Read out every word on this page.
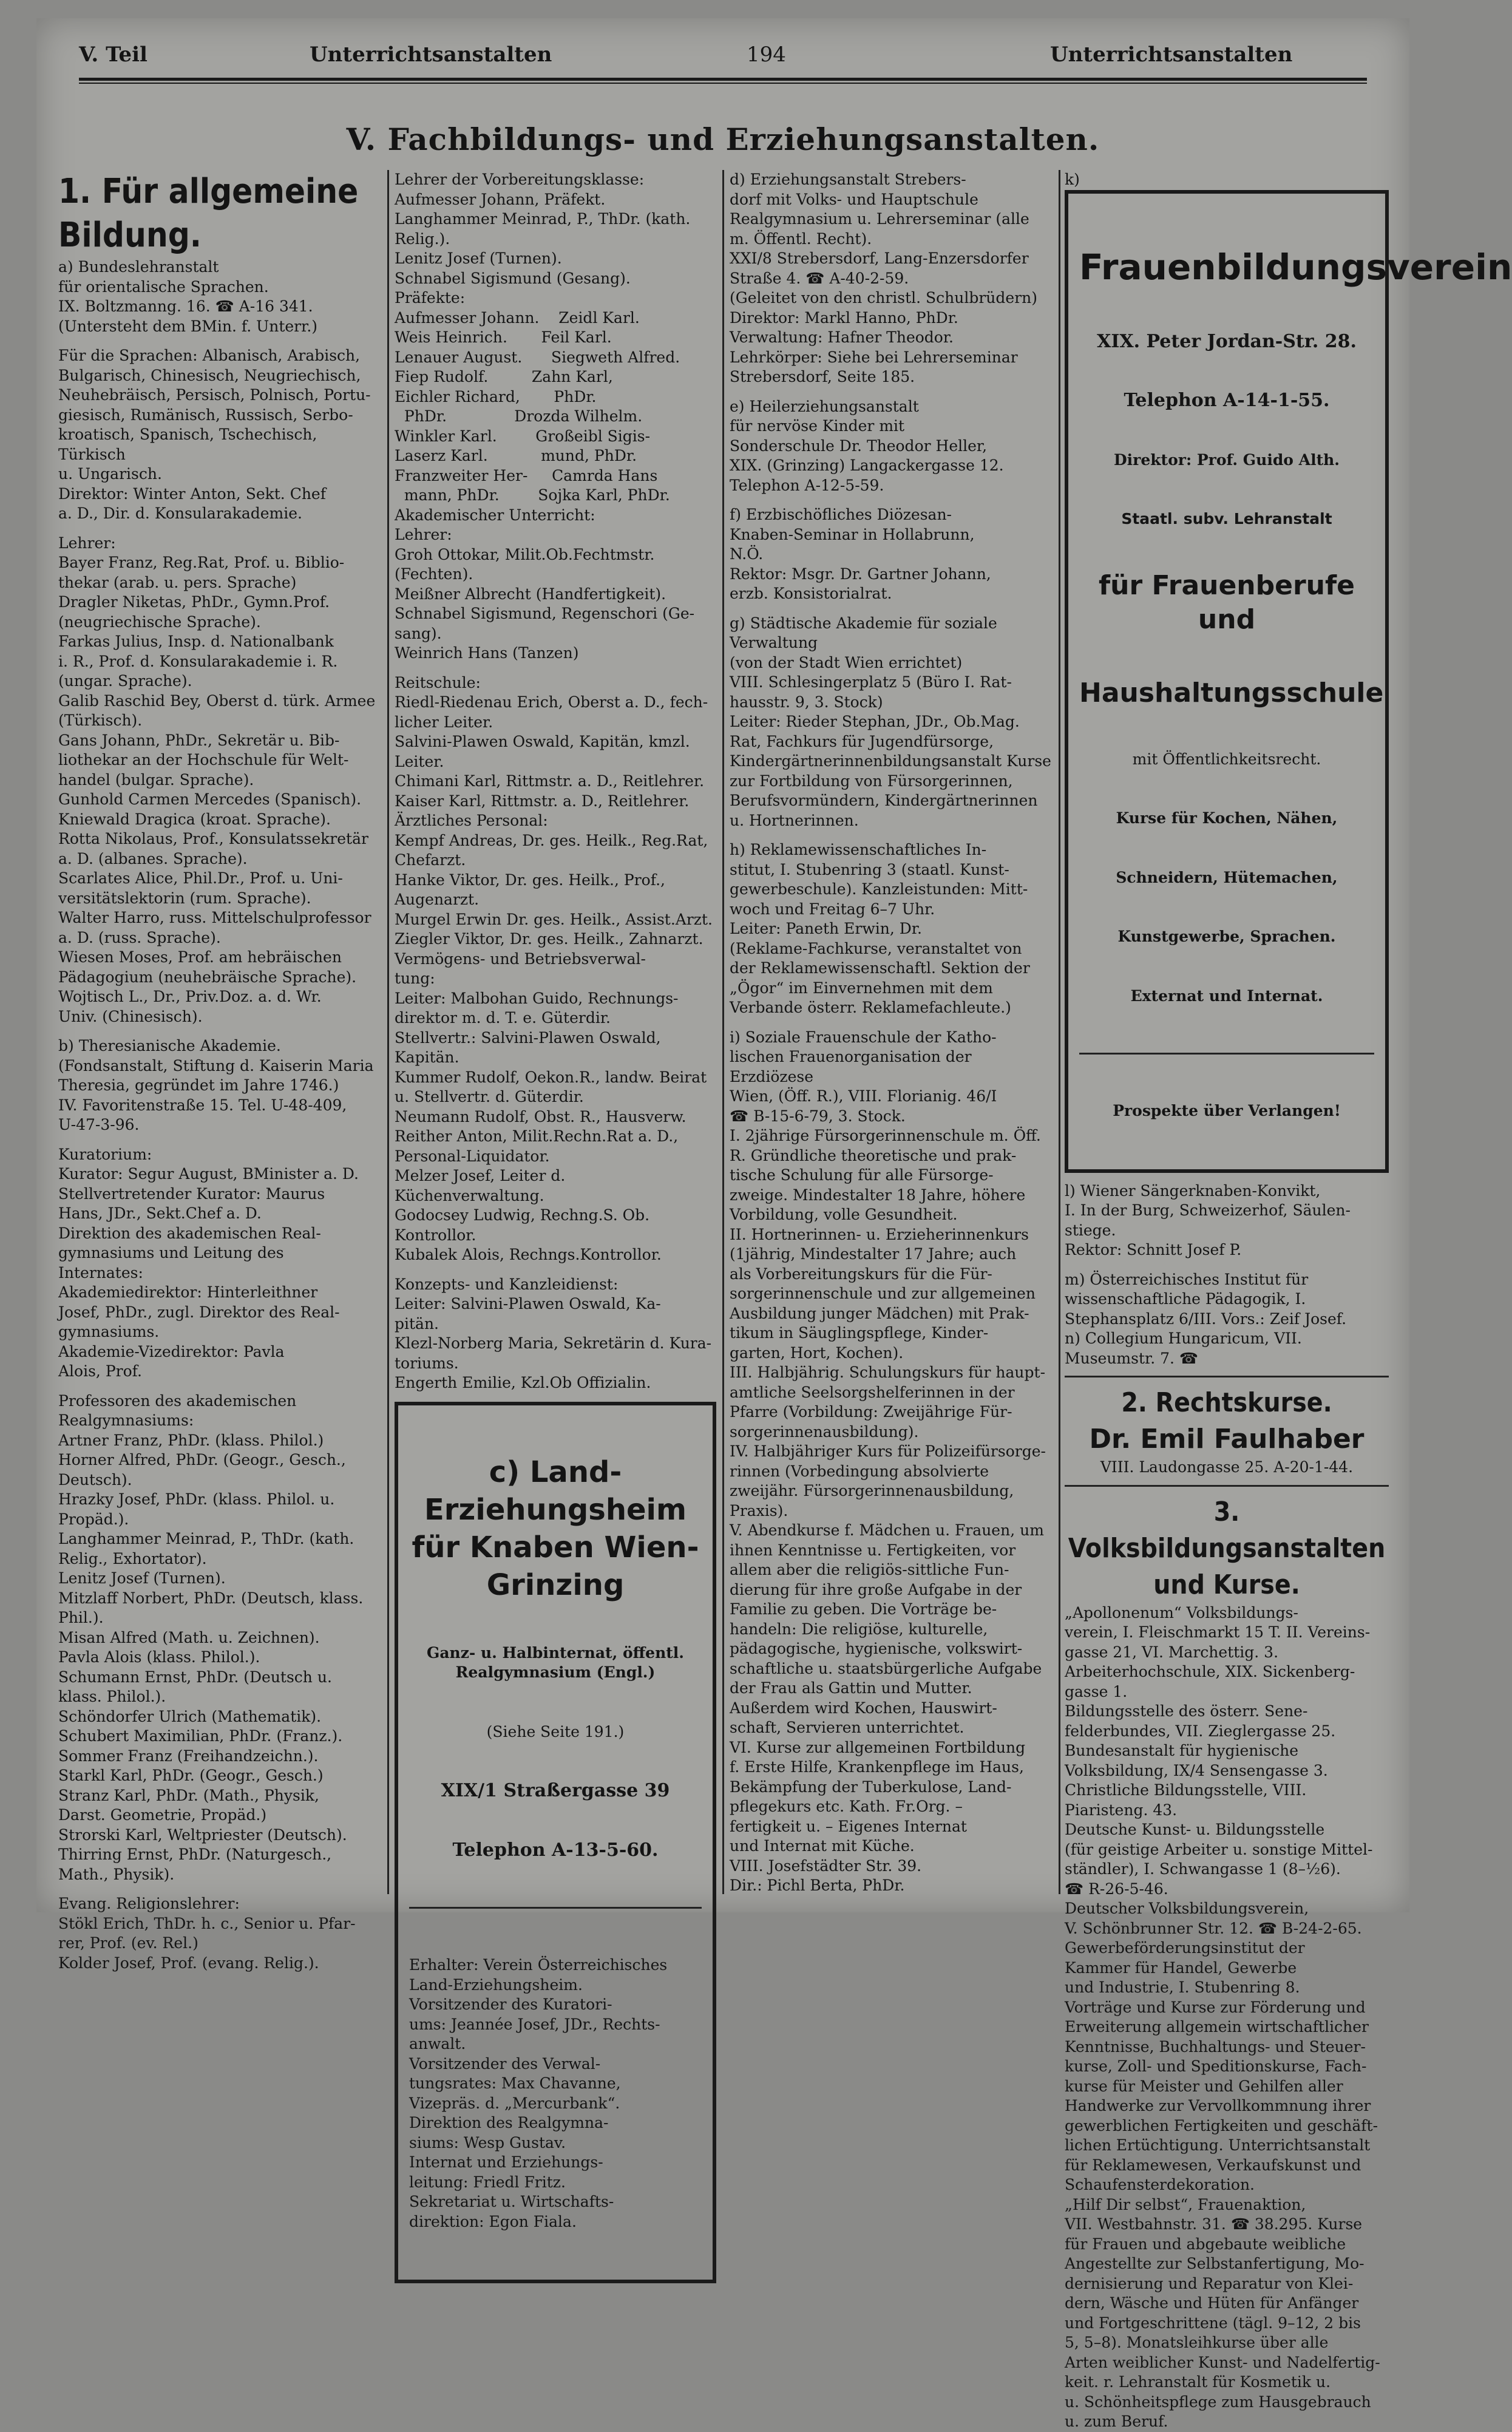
V. Teil	Unterrichtsanstalten	194	Unterrichtsanstalten
V. Fachbildungs- und Erziehungsanstalten.
1. Für allgemeine Bildung.
a) Bundeslehranstalt
für orientalische Sprachen.
IX. Boltzmanng. 16. ☎ A-16 341.
(Untersteht dem BMin. f. Unterr.)
Für die Sprachen: Albanisch, Arabisch,
Bulgarisch, Chinesisch, Neugriechisch,
Neuhebräisch, Persisch, Polnisch, Portu-
giesisch, Rumänisch, Russisch, Serbo-
kroatisch, Spanisch, Tschechisch, Türkisch
u. Ungarisch.
Direktor: Winter Anton, Sekt. Chef
a. D., Dir. d. Konsularakademie.
Lehrer:
Bayer Franz, Reg.Rat, Prof. u. Biblio-
thekar (arab. u. pers. Sprache)
Dragler Niketas, PhDr., Gymn.Prof.
(neugriechische Sprache).
Farkas Julius, Insp. d. Nationalbank
i. R., Prof. d. Konsularakademie i. R.
(ungar. Sprache).
Galib Raschid Bey, Oberst d. türk. Armee
(Türkisch).
Gans Johann, PhDr., Sekretär u. Bib-
liothekar an der Hochschule für Welt-
handel (bulgar. Sprache).
Gunhold Carmen Mercedes (Spanisch).
Kniewald Dragica (kroat. Sprache).
Rotta Nikolaus, Prof., Konsulatssekretär
a. D. (albanes. Sprache).
Scarlates Alice, Phil.Dr., Prof. u. Uni-
versitätslektorin (rum. Sprache).
Walter Harro, russ. Mittelschulprofessor
a. D. (russ. Sprache).
Wiesen Moses, Prof. am hebräischen
Pädagogium (neuhebräische Sprache).
Wojtisch L., Dr., Priv.Doz. a. d. Wr.
Univ. (Chinesisch).
b) Theresianische Akademie.
(Fondsanstalt, Stiftung d. Kaiserin Maria
Theresia, gegründet im Jahre 1746.)
IV. Favoritenstraße 15. Tel. U-48-409,
U-47-3-96.
Kuratorium:
Kurator: Segur August, BMinister a. D.
Stellvertretender Kurator: Maurus
Hans, JDr., Sekt.Chef a. D.
Direktion des akademischen Real-
gymnasiums und Leitung des
Internates:
Akademiedirektor: Hinterleithner
Josef, PhDr., zugl. Direktor des Real-
gymnasiums.
Akademie-Vizedirektor: Pavla
Alois, Prof.
Professoren des akademischen
Realgymnasiums:
Artner Franz, PhDr. (klass. Philol.)
Horner Alfred, PhDr. (Geogr., Gesch.,
Deutsch).
Hrazky Josef, PhDr. (klass. Philol. u.
Propäd.).
Langhammer Meinrad, P., ThDr. (kath.
Relig., Exhortator).
Lenitz Josef (Turnen).
Mitzlaff Norbert, PhDr. (Deutsch, klass.
Phil.).
Misan Alfred (Math. u. Zeichnen).
Pavla Alois (klass. Philol.).
Schumann Ernst, PhDr. (Deutsch u.
klass. Philol.).
Schöndorfer Ulrich (Mathematik).
Schubert Maximilian, PhDr. (Franz.).
Sommer Franz (Freihandzeichn.).
Starkl Karl, PhDr. (Geogr., Gesch.)
Stranz Karl, PhDr. (Math., Physik,
Darst. Geometrie, Propäd.)
Strorski Karl, Weltpriester (Deutsch).
Thirring Ernst, PhDr. (Naturgesch.,
Math., Physik).
Evang. Religionslehrer:
Stökl Erich, ThDr. h. c., Senior u. Pfar-
rer, Prof. (ev. Rel.)
Kolder Josef, Prof. (evang. Relig.).
Lehrer der Vorbereitungsklasse:
Aufmesser Johann, Präfekt.
Langhammer Meinrad, P., ThDr. (kath.
Relig.).
Lenitz Josef (Turnen).
Schnabel Sigismund (Gesang).
Präfekte:
Aufmesser Johann.    Zeidl Karl.
Weis Heinrich.       Feil Karl.
Lenauer August.      Siegweth Alfred.
Fiep Rudolf.         Zahn Karl,
Eichler Richard,       PhDr.
PhDr.              Drozda Wilhelm.
Winkler Karl.        Großeibl Sigis-
Laserz Karl.           mund, PhDr.
Franzweiter Her-     Camrda Hans
mann, PhDr.        Sojka Karl, PhDr.
Akademischer Unterricht:
Lehrer:
Groh Ottokar, Milit.Ob.Fechtmstr.
(Fechten).
Meißner Albrecht (Handfertigkeit).
Schnabel Sigismund, Regenschori (Ge-
sang).
Weinrich Hans (Tanzen)
Reitschule:
Riedl-Riedenau Erich, Oberst a. D., fech-
licher Leiter.
Salvini-Plawen Oswald, Kapitän, kmzl.
Leiter.
Chimani Karl, Rittmstr. a. D., Reitlehrer.
Kaiser Karl, Rittmstr. a. D., Reitlehrer.
Ärztliches Personal:
Kempf Andreas, Dr. ges. Heilk., Reg.Rat,
Chefarzt.
Hanke Viktor, Dr. ges. Heilk., Prof.,
Augenarzt.
Murgel Erwin Dr. ges. Heilk., Assist.Arzt.
Ziegler Viktor, Dr. ges. Heilk., Zahnarzt.
Vermögens- und Betriebsverwal-
tung:
Leiter: Malbohan Guido, Rechnungs-
direktor m. d. T. e. Güterdir.
Stellvertr.: Salvini-Plawen Oswald,
Kapitän.
Kummer Rudolf, Oekon.R., landw. Beirat
u. Stellvertr. d. Güterdir.
Neumann Rudolf, Obst. R., Hausverw.
Reither Anton, Milit.Rechn.Rat a. D.,
Personal-Liquidator.
Melzer Josef, Leiter d. Küchenverwaltung.
Godocsey Ludwig, Rechng.S. Ob. Kontrollor.
Kubalek Alois, Rechngs.Kontrollor.
Konzepts- und Kanzleidienst:
Leiter: Salvini-Plawen Oswald, Ka-
pitän.
Klezl-Norberg Maria, Sekretärin d. Kura-
toriums.
Engerth Emilie, Kzl.Ob Offizialin.

c) Land-Erziehungsheim für Knaben Wien-Grinzing

Ganz- u. Halbinternat, öffentl. Realgymnasium (Engl.)

(Siehe Seite 191.)

XIX/1 Straßergasse 39

Telephon A-13-5-60.

Erhalter: Verein Österreichisches
Land-Erziehungsheim.
Vorsitzender des Kuratori-
ums: Jeannée Josef, JDr., Rechts-
anwalt.
Vorsitzender des Verwal-
tungsrates: Max Chavanne,
Vizepräs. d. „Mercurbank“.
Direktion des Realgymna-
siums: Wesp Gustav.
Internat und Erziehungs-
leitung: Friedl Fritz.
Sekretariat u. Wirtschafts-
direktion: Egon Fiala.

d) Erziehungsanstalt Strebers-
dorf mit Volks- und Hauptschule
Realgymnasium u. Lehrerseminar (alle
m. Öffentl. Recht).
XXI/8 Strebersdorf, Lang-Enzersdorfer
Straße 4. ☎ A-40-2-59.
(Geleitet von den christl. Schulbrüdern)
Direktor: Markl Hanno, PhDr.
Verwaltung: Hafner Theodor.
Lehrkörper: Siehe bei Lehrerseminar
Strebersdorf, Seite 185.
e) Heilerziehungsanstalt
für nervöse Kinder mit
Sonderschule Dr. Theodor Heller,
XIX. (Grinzing) Langackergasse 12.
Telephon A-12-5-59.
f) Erzbischöfliches Diözesan-
Knaben-Seminar in Hollabrunn,
N.Ö.
Rektor: Msgr. Dr. Gartner Johann,
erzb. Konsistorialrat.
g) Städtische Akademie für soziale
Verwaltung
(von der Stadt Wien errichtet)
VIII. Schlesingerplatz 5 (Büro I. Rat-
hausstr. 9, 3. Stock)
Leiter: Rieder Stephan, JDr., Ob.Mag.
Rat, Fachkurs für Jugendfürsorge,
Kindergärtnerinnenbildungsanstalt Kurse
zur Fortbildung von Fürsorgerinnen,
Berufsvormündern, Kindergärtnerinnen
u. Hortnerinnen.
h) Reklamewissenschaftliches In-
stitut, I. Stubenring 3 (staatl. Kunst-
gewerbeschule). Kanzleistunden: Mitt-
woch und Freitag 6–7 Uhr.
Leiter: Paneth Erwin, Dr.
(Reklame-Fachkurse, veranstaltet von
der Reklamewissenschaftl. Sektion der
„Ögor“ im Einvernehmen mit dem
Verbande österr. Reklamefachleute.)
i) Soziale Frauenschule der Katho-
lischen Frauenorganisation der Erzdiözese
Wien, (Öff. R.), VIII. Florianig. 46/I
☎ B-15-6-79, 3. Stock.
I. 2jährige Fürsorgerinnenschule m. Öff.
R. Gründliche theoretische und prak-
tische Schulung für alle Fürsorge-
zweige. Mindestalter 18 Jahre, höhere
Vorbildung, volle Gesundheit.
II. Hortnerinnen- u. Erzieherinnenkurs
(1jährig, Mindestalter 17 Jahre; auch
als Vorbereitungskurs für die Für-
sorgerinnenschule und zur allgemeinen
Ausbildung junger Mädchen) mit Prak-
tikum in Säuglingspflege, Kinder-
garten, Hort, Kochen).
III. Halbjährig. Schulungskurs für haupt-
amtliche Seelsorgshelferinnen in der
Pfarre (Vorbildung: Zweijährige Für-
sorgerinnenausbildung).
IV. Halbjähriger Kurs für Polizeifürsorge-
rinnen (Vorbedingung absolvierte
zweijähr. Fürsorgerinnenausbildung,
Praxis).
V. Abendkurse f. Mädchen u. Frauen, um
ihnen Kenntnisse u. Fertigkeiten, vor
allem aber die religiös-sittliche Fun-
dierung für ihre große Aufgabe in der
Familie zu geben. Die Vorträge be-
handeln: Die religiöse, kulturelle,
pädagogische, hygienische, volkswirt-
schaftliche u. staatsbürgerliche Aufgabe
der Frau als Gattin und Mutter.
Außerdem wird Kochen, Hauswirt-
schaft, Servieren unterrichtet.
VI. Kurse zur allgemeinen Fortbildung
f. Erste Hilfe, Krankenpflege im Haus,
Bekämpfung der Tuberkulose, Land-
pflegekurs etc. Kath. Fr.Org. –
fertigkeit u. – Eigenes Internat
und Internat mit Küche.
VIII. Josefstädter Str. 39.
Dir.: Pichl Berta, PhDr.
k)

Frauenbildungsverein

XIX. Peter Jordan-Str. 28.

Telephon A-14-1-55.

Direktor: Prof. Guido Alth.

Staatl. subv. Lehranstalt

für Frauenberufe und

Haushaltungsschule

mit Öffentlichkeitsrecht.

Kurse für Kochen, Nähen,

Schneidern, Hütemachen,

Kunstgewerbe, Sprachen.

Externat und Internat.

Prospekte über Verlangen!

l) Wiener Sängerknaben-Konvikt,
I. In der Burg, Schweizerhof, Säulen-
stiege.
Rektor: Schnitt Josef P.
m) Österreichisches Institut für
wissenschaftliche Pädagogik, I.
Stephansplatz 6/III. Vors.: Zeif Josef.
n) Collegium Hungaricum, VII.
Museumstr. 7. ☎
2. Rechtskurse.
Dr. Emil Faulhaber
VIII. Laudongasse 25. A-20-1-44.
3. Volksbildungsanstalten und Kurse.
„Apollonenum“ Volksbildungs-
verein, I. Fleischmarkt 15 T. II. Vereins-
gasse 21, VI. Marchettig. 3.
Arbeiterhochschule, XIX. Sickenberg-
gasse 1.
Bildungsstelle des österr. Sene-
felderbundes, VII. Zieglergasse 25.
Bundesanstalt für hygienische
Volksbildung, IX/4 Sensengasse 3.
Christliche Bildungsstelle, VIII.
Piaristeng. 43.
Deutsche Kunst- u. Bildungsstelle
(für geistige Arbeiter u. sonstige Mittel-
ständler), I. Schwangasse 1 (8–½6).
☎ R-26-5-46.
Deutscher Volksbildungsverein,
V. Schönbrunner Str. 12. ☎ B-24-2-65.
Gewerbeförderungsinstitut der
Kammer für Handel, Gewerbe
und Industrie, I. Stubenring 8.
Vorträge und Kurse zur Förderung und
Erweiterung allgemein wirtschaftlicher
Kenntnisse, Buchhaltungs- und Steuer-
kurse, Zoll- und Speditionskurse, Fach-
kurse für Meister und Gehilfen aller
Handwerke zur Vervollkommnung ihrer
gewerblichen Fertigkeiten und geschäft-
lichen Ertüchtigung. Unterrichtsanstalt
für Reklamewesen, Verkaufskunst und
Schaufensterdekoration.
„Hilf Dir selbst“, Frauenaktion,
VII. Westbahnstr. 31. ☎ 38.295. Kurse
für Frauen und abgebaute weibliche
Angestellte zur Selbstanfertigung, Mo-
dernisierung und Reparatur von Klei-
dern, Wäsche und Hüten für Anfänger
und Fortgeschrittene (tägl. 9–12, 2 bis
5, 5–8). Monatsleihkurse über alle
Arten weiblicher Kunst- und Nadelfertig-
keit. r. Lehranstalt für Kosmetik u.
u. Schönheitspflege zum Hausgebrauch
u. zum Beruf.
